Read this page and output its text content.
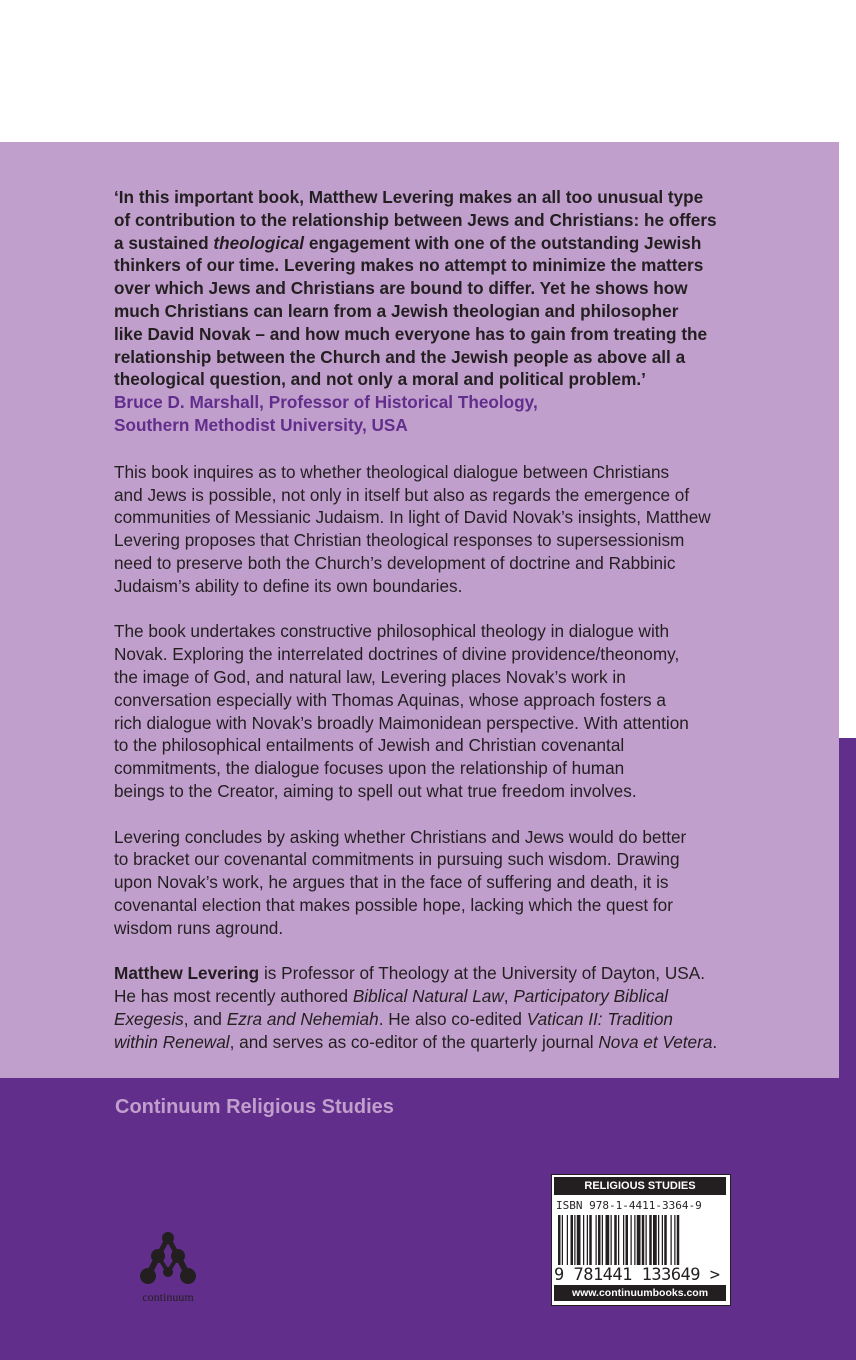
‘In this important book, Matthew Levering makes an all too unusual type

of contribution to the relationship between Jews and Christians: he offers

a sustained theological engagement with one of the outstanding Jewish

thinkers of our time. Levering makes no attempt to minimize the matters

over which Jews and Christians are bound to differ. Yet he shows how

much Christians can learn from a Jewish theologian and philosopher

like David Novak – and how much everyone has to gain from treating the

relationship between the Church and the Jewish people as above all a

theological question, and not only a moral and political problem.’

Bruce D. Marshall, Professor of Historical Theology,
Southern Methodist University, USA
This book inquires as to whether theological dialogue between Christians
and Jews is possible, not only in itself but also as regards the emergence of
communities of Messianic Judaism. In light of David Novak’s insights, Matthew
Levering proposes that Christian theological responses to supersessionism
need to preserve both the Church’s development of doctrine and Rabbinic
Judaism’s ability to define its own boundaries.
The book undertakes constructive philosophical theology in dialogue with
Novak. Exploring the interrelated doctrines of divine providence/theonomy,
the image of God, and natural law, Levering places Novak’s work in
conversation especially with Thomas Aquinas, whose approach fosters a
rich dialogue with Novak’s broadly Maimonidean perspective. With attention
to the philosophical entailments of Jewish and Christian covenantal
commitments, the dialogue focuses upon the relationship of human
beings to the Creator, aiming to spell out what true freedom involves.
Levering concludes by asking whether Christians and Jews would do better
to bracket our covenantal commitments in pursuing such wisdom. Drawing
upon Novak’s work, he argues that in the face of suffering and death, it is
covenantal election that makes possible hope, lacking which the quest for
wisdom runs aground.
Matthew Levering is Professor of Theology at the University of Dayton, USA.
He has most recently authored Biblical Natural Law, Participatory Biblical
Exegesis, and Ezra and Nehemiah. He also co-edited Vatican II: Tradition
within Renewal, and serves as co-editor of the quarterly journal Nova et Vetera.
Continuum Religious Studies
continuum
RELIGIOUS STUDIES
ISBN 978-1-4411-3364-9
9 781441 133649 >
www.continuumbooks.com
